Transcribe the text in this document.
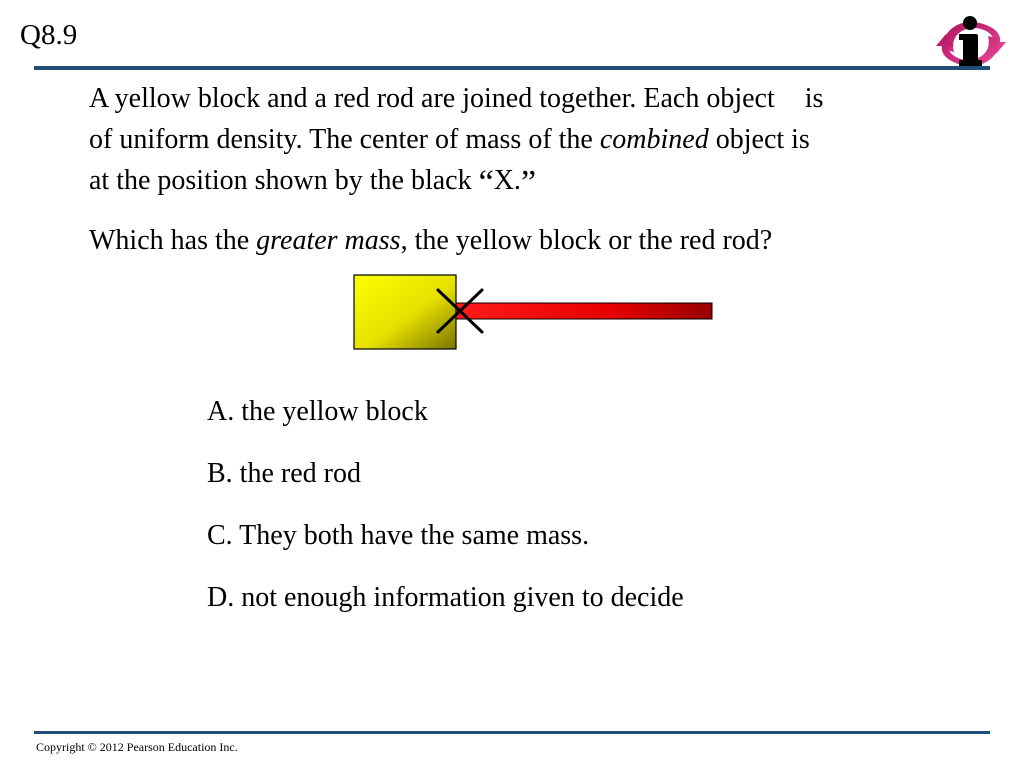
Q8.9

A yellow block and a red rod are joined together. Each object is
of uniform density. The center of mass of the combined object is
at the position shown by the black “X.”

Which has the greater mass, the yellow block or the red rod?

A. the yellow block
B. the red rod
C. They both have the same mass.
D. not enough information given to decide
Copyright © 2012 Pearson Education Inc.
